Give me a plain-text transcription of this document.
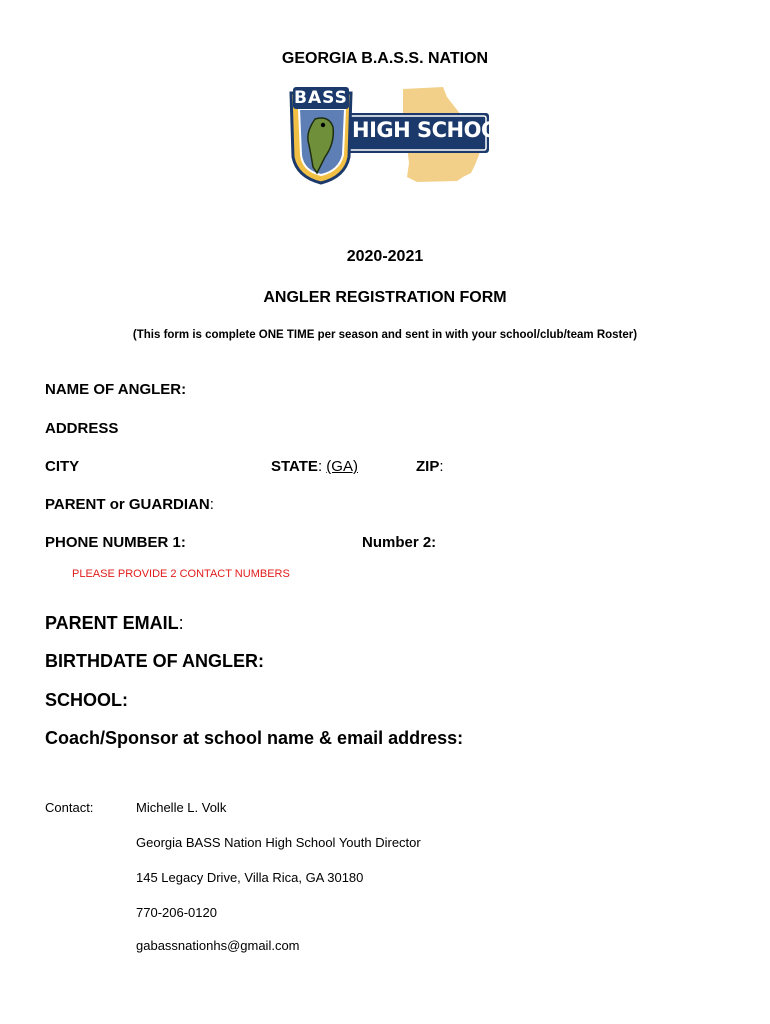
GEORGIA B.A.S.S. NATION
BASS
HIGH SCHOOL
2020-2021
ANGLER REGISTRATION FORM
(This form is complete ONE TIME per season and sent in with your school/club/team Roster)
NAME OF ANGLER:
ADDRESS
CITY	STATE: (GA)	ZIP:
PARENT or GUARDIAN:
PHONE NUMBER 1:	Number 2:
PLEASE PROVIDE 2 CONTACT NUMBERS
PARENT EMAIL:
BIRTHDATE OF ANGLER:
SCHOOL:
Coach/Sponsor at school name & email address:
Contact:	Michelle L. Volk
Georgia BASS Nation High School Youth Director
145 Legacy Drive, Villa Rica, GA 30180
770-206-0120
gabassnationhs@gmail.com
